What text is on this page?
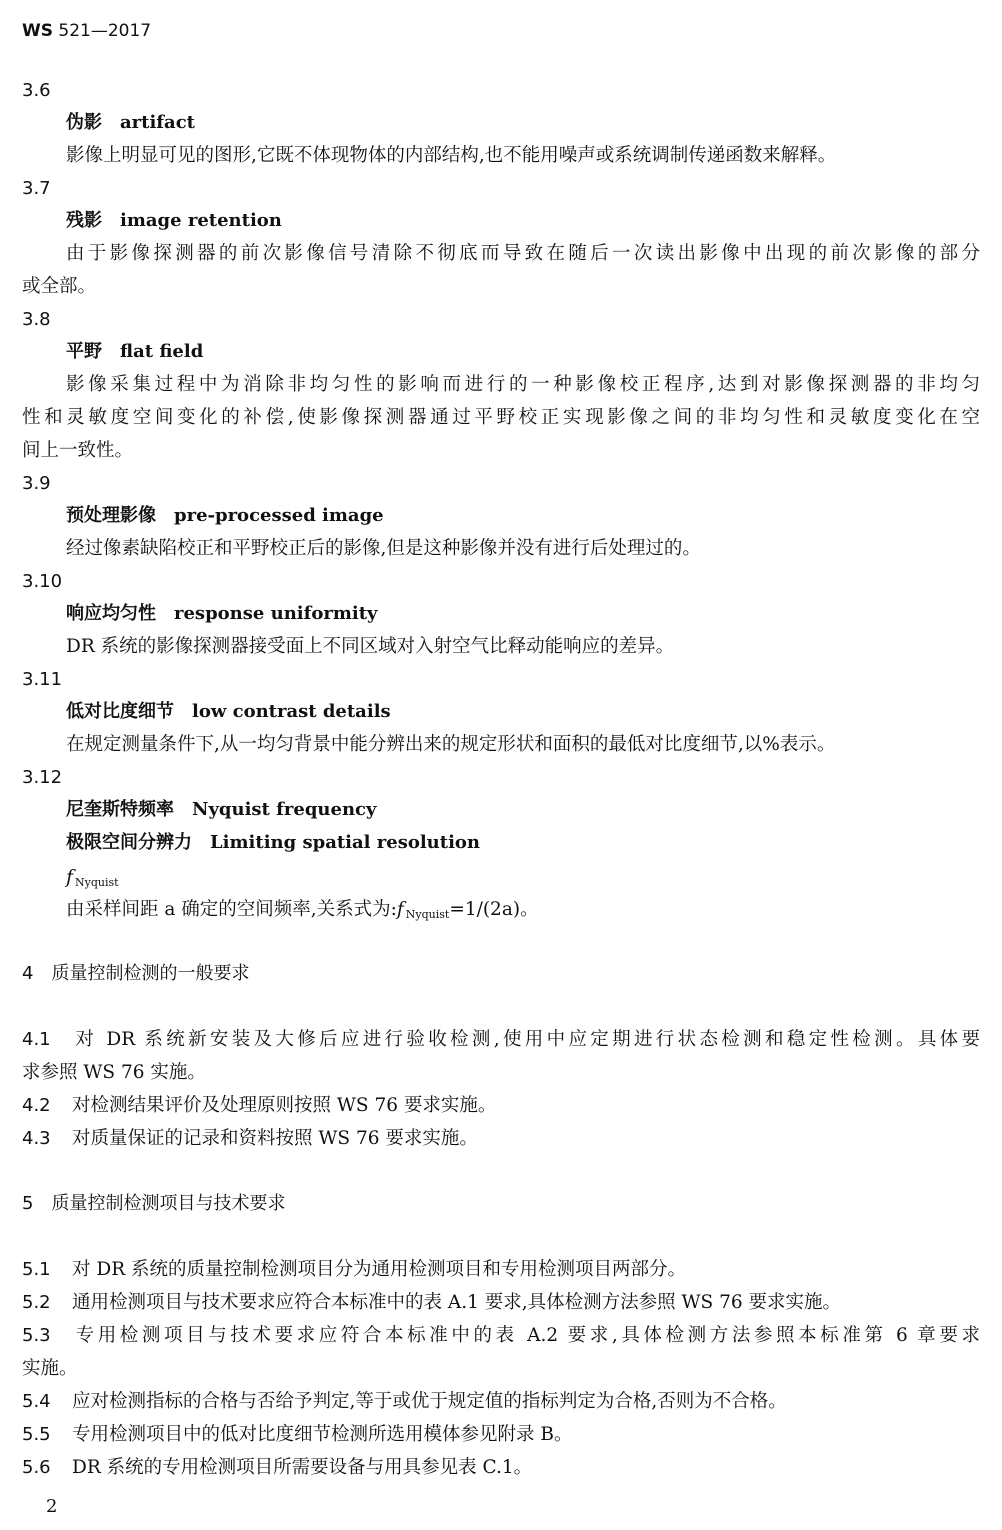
WS 521—2017
3.6
伪影 artifact
影像上明显可见的图形,它既不体现物体的内部结构,也不能用噪声或系统调制传递函数来解释。
3.7
残影 image retention
由于影像探测器的前次影像信号清除不彻底而导致在随后一次读出影像中出现的前次影像的部分
或全部。
3.8
平野 flat field
影像采集过程中为消除非均匀性的影响而进行的一种影像校正程序,达到对影像探测器的非均匀
性和灵敏度空间变化的补偿,使影像探测器通过平野校正实现影像之间的非均匀性和灵敏度变化在空
间上一致性。
3.9
预处理影像 pre-processed image
经过像素缺陷校正和平野校正后的影像,但是这种影像并没有进行后处理过的。
3.10
响应均匀性 response uniformity
DR 系统的影像探测器接受面上不同区域对入射空气比释动能响应的差异。
3.11
低对比度细节 low contrast details
在规定测量条件下,从一均匀背景中能分辨出来的规定形状和面积的最低对比度细节,以%表示。
3.12
尼奎斯特频率 Nyquist frequency
极限空间分辨力 Limiting spatial resolution
f $_{Nyquist}$
由采样间距 a 确定的空间频率,关系式为:f $_{Nyquist}$=1/(2a)。
4 质量控制检测的一般要求
4.1 对 DR 系统新安装及大修后应进行验收检测,使用中应定期进行状态检测和稳定性检测。具体要
求参照 WS 76 实施。
4.2 对检测结果评价及处理原则按照 WS 76 要求实施。
4.3 对质量保证的记录和资料按照 WS 76 要求实施。
5 质量控制检测项目与技术要求
5.1 对 DR 系统的质量控制检测项目分为通用检测项目和专用检测项目两部分。
5.2 通用检测项目与技术要求应符合本标准中的表 A.1 要求,具体检测方法参照 WS 76 要求实施。
5.3 专用检测项目与技术要求应符合本标准中的表 A.2 要求,具体检测方法参照本标准第 6 章要求
实施。
5.4 应对检测指标的合格与否给予判定,等于或优于规定值的指标判定为合格,否则为不合格。
5.5 专用检测项目中的低对比度细节检测所选用模体参见附录 B。
5.6 DR 系统的专用检测项目所需要设备与用具参见表 C.1。
2
